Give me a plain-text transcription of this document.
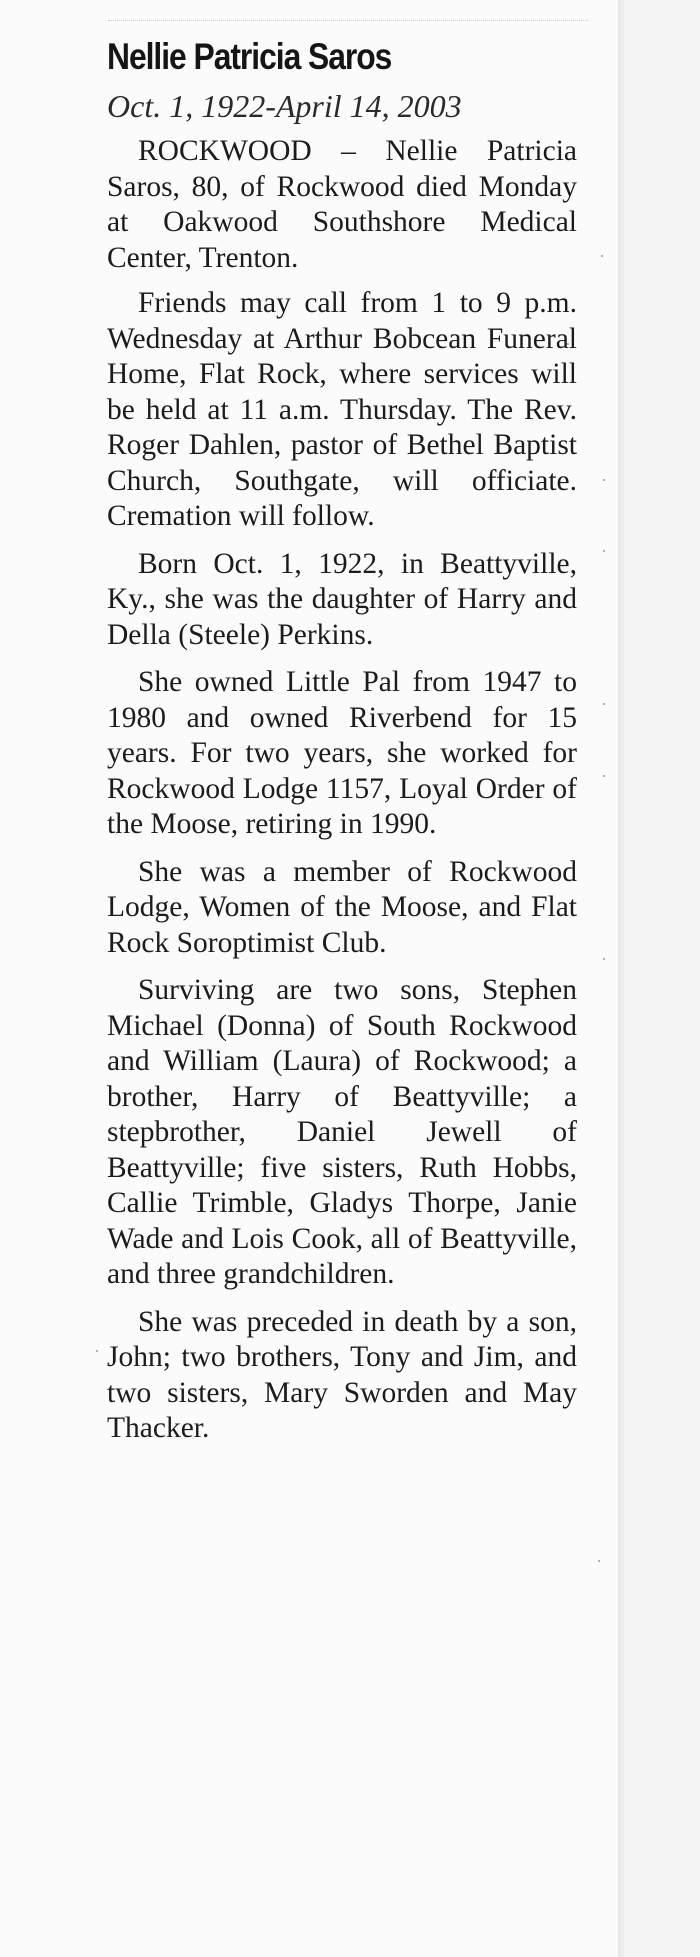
Nellie Patricia Saros
Oct. 1, 1922-April 14, 2003

ROCKWOOD – Nellie Patricia Saros, 80, of Rockwood died Monday at Oakwood Southshore Medical Center, Trenton.

Friends may call from 1 to 9 p.m. Wednesday at Arthur Bobcean Funeral Home, Flat Rock, where services will be held at 11 a.m. Thursday. The Rev. Roger Dahlen, pastor of Bethel Baptist Church, Southgate, will officiate. Cremation will follow.

Born Oct. 1, 1922, in Beattyville, Ky., she was the daughter of Harry and Della (Steele) Perkins.

She owned Little Pal from 1947 to 1980 and owned Riverbend for 15 years. For two years, she worked for Rockwood Lodge 1157, Loyal Order of the Moose, retiring in 1990.

She was a member of Rockwood Lodge, Women of the Moose, and Flat Rock Soroptimist Club.

Surviving are two sons, Stephen Michael (Donna) of South Rockwood and William (Laura) of Rockwood; a brother, Harry of Beattyville; a stepbrother, Daniel Jewell of Beattyville; five sisters, Ruth Hobbs, Callie Trimble, Gladys Thorpe, Janie Wade and Lois Cook, all of Beattyville, and three grandchildren.

She was preceded in death by a son, John; two brothers, Tony and Jim, and two sisters, Mary Sworden and May Thacker.
